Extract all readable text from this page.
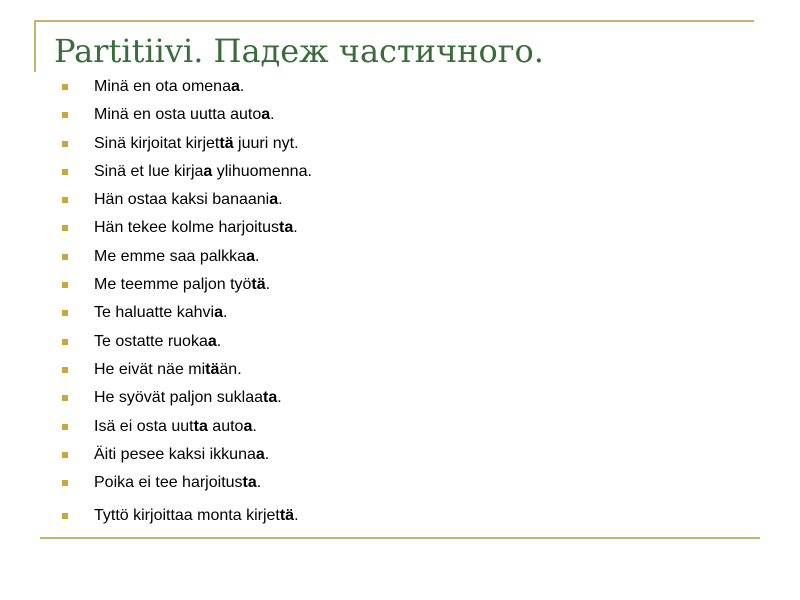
Partitiivi. Падеж частичного.
Minä en ota omenaa.
Minä en osta uutta autoa.
Sinä kirjoitat kirjettä juuri nyt.
Sinä et lue kirjaa ylihuomenna.
Hän ostaa kaksi banaania.
Hän tekee kolme harjoitusta.
Me emme saa palkkaa.
Me teemme paljon työtä.
Te haluatte kahvia.
Te ostatte ruokaa.
He eivät näe mitään.
He syövät paljon suklaata.
Isä ei osta uutta autoa.
Äiti pesee kaksi ikkunaa.
Poika ei tee harjoitusta.
Tyttö kirjoittaa monta kirjettä.
